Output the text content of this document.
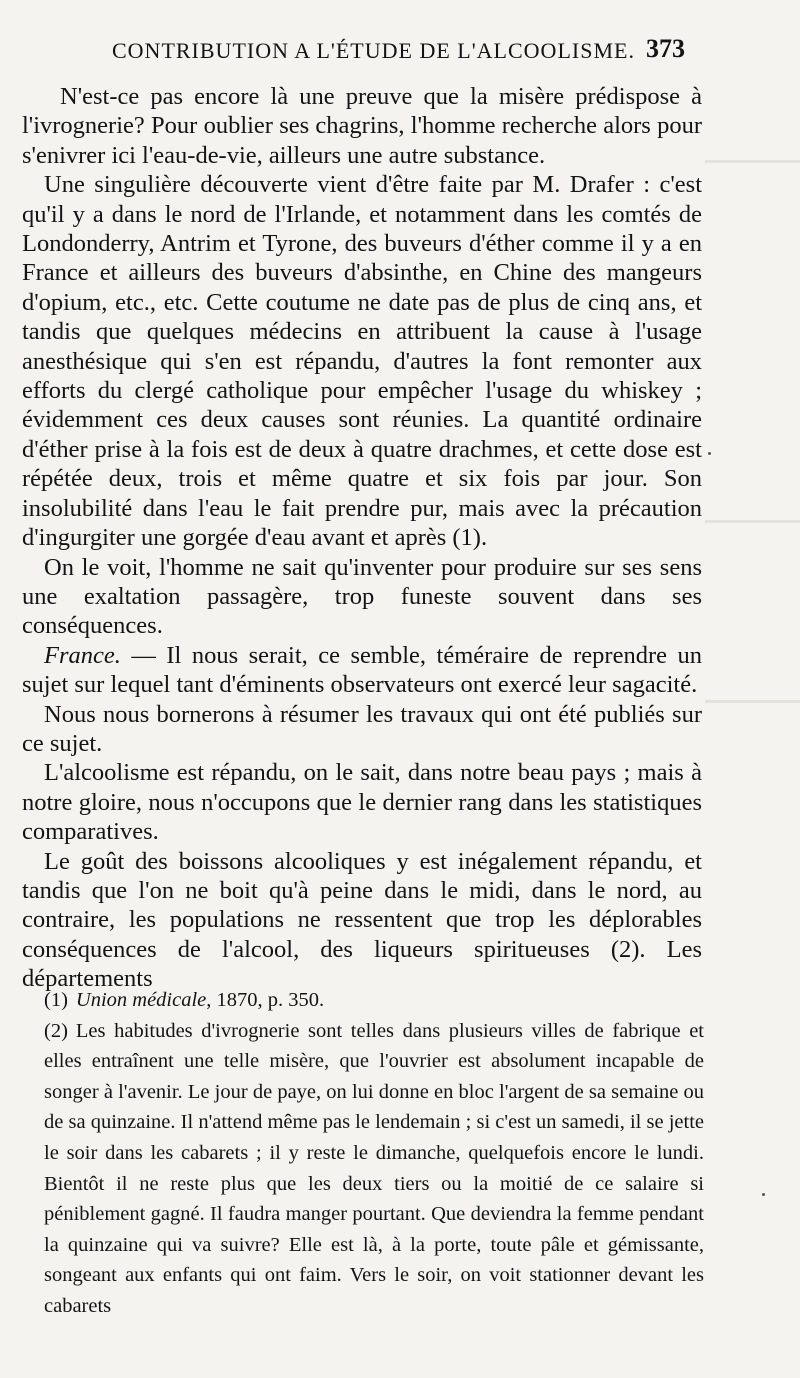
CONTRIBUTION A L'ÉTUDE DE L'ALCOOLISME. 373

N'est-ce pas encore là une preuve que la misère prédispose à l'ivrognerie? Pour oublier ses chagrins, l'homme recherche alors pour s'enivrer ici l'eau-de-vie, ailleurs une autre substance.

Une singulière découverte vient d'être faite par M. Drafer : c'est qu'il y a dans le nord de l'Irlande, et notamment dans les comtés de Londonderry, Antrim et Tyrone, des buveurs d'éther comme il y a en France et ailleurs des buveurs d'absinthe, en Chine des mangeurs d'opium, etc., etc. Cette coutume ne date pas de plus de cinq ans, et tandis que quelques médecins en attribuent la cause à l'usage anesthésique qui s'en est répandu, d'autres la font remonter aux efforts du clergé catholique pour empêcher l'usage du whiskey ; évidemment ces deux causes sont réunies. La quantité ordinaire d'éther prise à la fois est de deux à quatre drachmes, et cette dose est répétée deux, trois et même quatre et six fois par jour. Son insolubilité dans l'eau le fait prendre pur, mais avec la précaution d'ingurgiter une gorgée d'eau avant et après (1).

On le voit, l'homme ne sait qu'inventer pour produire sur ses sens une exaltation passagère, trop funeste souvent dans ses conséquences.

France. — Il nous serait, ce semble, téméraire de reprendre un sujet sur lequel tant d'éminents observateurs ont exercé leur sagacité.

Nous nous bornerons à résumer les travaux qui ont été publiés sur ce sujet.

L'alcoolisme est répandu, on le sait, dans notre beau pays ; mais à notre gloire, nous n'occupons que le dernier rang dans les statistiques comparatives.

Le goût des boissons alcooliques y est inégalement répandu, et tandis que l'on ne boit qu'à peine dans le midi, dans le nord, au contraire, les populations ne ressentent que trop les déplorables conséquences de l'alcool, des liqueurs spiritueuses (2). Les départements

(1) Union médicale, 1870, p. 350.

(2) Les habitudes d'ivrognerie sont telles dans plusieurs villes de fabrique et elles entraînent une telle misère, que l'ouvrier est absolument incapable de songer à l'avenir. Le jour de paye, on lui donne en bloc l'argent de sa semaine ou de sa quinzaine. Il n'attend même pas le lendemain ; si c'est un samedi, il se jette le soir dans les cabarets ; il y reste le dimanche, quelquefois encore le lundi. Bientôt il ne reste plus que les deux tiers ou la moitié de ce salaire si péniblement gagné. Il faudra manger pourtant. Que deviendra la femme pendant la quinzaine qui va suivre? Elle est là, à la porte, toute pâle et gémissante, songeant aux enfants qui ont faim. Vers le soir, on voit stationner devant les cabarets
